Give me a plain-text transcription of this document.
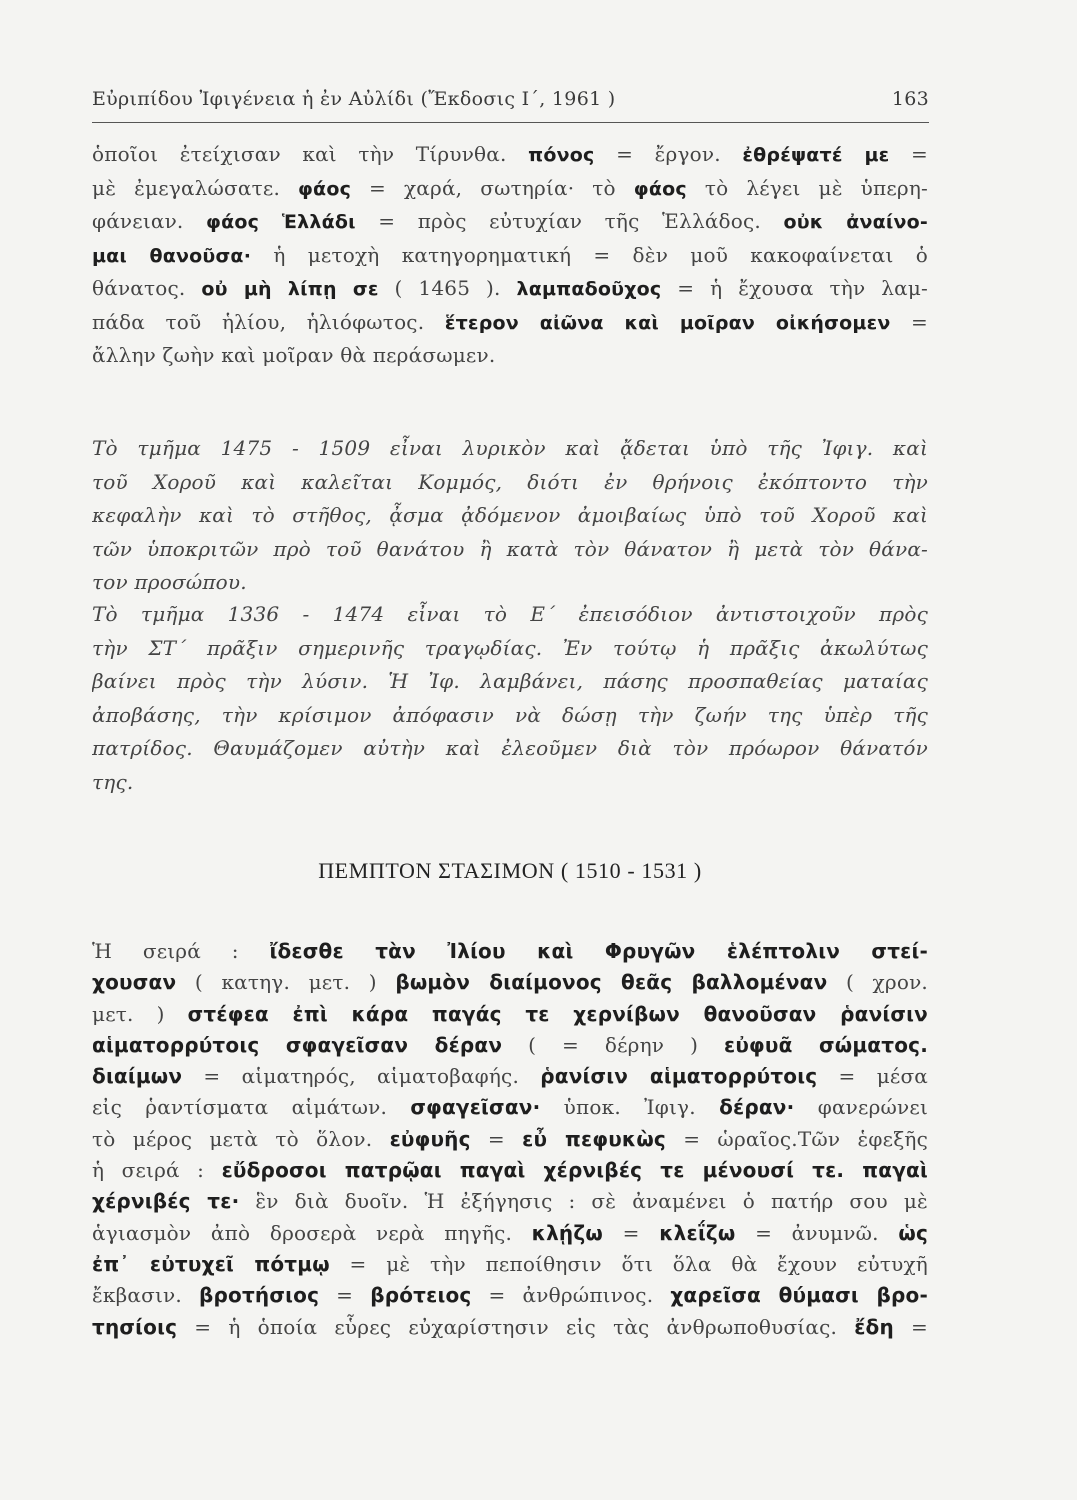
Εὐριπίδου Ἰφιγένεια ἡ ἐν Αὐλίδι (Ἔκδοσις Ι΄, 1961 )	163
ὁποῖοι ἐτείχισαν καὶ τὴν Τίρυνθα. πόνος = ἔργον. ἐθρέψατέ με =
μὲ ἐμεγαλώσατε. φάος = χαρά, σωτηρία· τὸ φάος τὸ λέγει μὲ ὑπερη-
φάνειαν. φάος Ἑλλάδι = πρὸς εὐτυχίαν τῆς Ἑλλάδος. οὐκ ἀναίνο-
μαι θανοῦσα· ἡ μετοχὴ κατηγορηματική = δὲν μοῦ κακοφαίνεται ὁ
θάνατος. οὐ μὴ λίπῃ σε ( 1465 ). λαμπαδοῦχος = ἡ ἔχουσα τὴν λαμ-
πάδα τοῦ ἡλίου, ἡλιόφωτος. ἕτερον αἰῶνα καὶ μοῖραν οἰκήσομεν =
ἄλλην ζωὴν καὶ μοῖραν θὰ περάσωμεν.
Τὸ τμῆμα 1475 - 1509 εἶναι λυρικὸν καὶ ᾄδεται ὑπὸ τῆς Ἰφιγ. καὶ
τοῦ Χοροῦ καὶ καλεῖται Κομμός, διότι ἐν θρήνοις ἐκόπτοντο τὴν
κεφαλὴν καὶ τὸ στῆθος, ᾆσμα ᾀδόμενον ἀμοιβαίως ὑπὸ τοῦ Χοροῦ καὶ
τῶν ὑποκριτῶν πρὸ τοῦ θανάτου ἢ κατὰ τὸν θάνατον ἢ μετὰ τὸν θάνα-
τον προσώπου.
Τὸ τμῆμα 1336 - 1474 εἶναι τὸ Ε΄ ἐπεισόδιον ἀντιστοιχοῦν πρὸς
τὴν ΣΤ΄ πρᾶξιν σημερινῆς τραγῳδίας. Ἐν τούτῳ ἡ πρᾶξις ἀκωλύτως
βαίνει πρὸς τὴν λύσιν. Ἡ Ἰφ. λαμβάνει, πάσης προσπαθείας ματαίας
ἀποβάσης, τὴν κρίσιμον ἀπόφασιν νὰ δώσῃ τὴν ζωήν της ὑπὲρ τῆς
πατρίδος. Θαυμάζομεν αὐτὴν καὶ ἐλεοῦμεν διὰ τὸν πρόωρον θάνατόν
της.
ΠΕΜΠΤΟΝ ΣΤΑΣΙΜΟΝ ( 1510 - 1531 )
Ἡ σειρά : ἴδεσθε τὰν Ἰλίου καὶ Φρυγῶν ἑλέπτολιν στεί-
χουσαν ( κατηγ. μετ. ) βωμὸν διαίμονος θεᾶς βαλλομέναν ( χρον.
μετ. ) στέφεα ἐπὶ κάρα παγάς τε χερνίβων θανοῦσαν ῥανίσιν
αἱματορρύτοις σφαγεῖσαν δέραν ( = δέρην ) εὐφυᾶ σώματος.
διαίμων = αἱματηρός, αἱματοβαφής. ῥανίσιν αἱματορρύτοις = μέσα
εἰς ῥαντίσματα αἱμάτων. σφαγεῖσαν· ὑποκ. Ἰφιγ. δέραν· φανερώνει
τὸ μέρος μετὰ τὸ ὅλον. εὐφυῆς = εὖ πεφυκὼς = ὡραῖος.Τῶν ἑφεξῆς
ἡ σειρά : εὔδροσοι πατρῷαι παγαὶ χέρνιβές τε μένουσί τε. παγαὶ
χέρνιβές τε· ἓν διὰ δυοῖν. Ἡ ἐξήγησις : σὲ ἀναμένει ὁ πατήρ σου μὲ
ἁγιασμὸν ἀπὸ δροσερὰ νερὰ πηγῆς. κλῄζω = κλεΐζω = ἀνυμνῶ. ὡς
ἐπ᾽ εὐτυχεῖ πότμῳ = μὲ τὴν πεποίθησιν ὅτι ὅλα θὰ ἔχουν εὐτυχῆ
ἔκβασιν. βροτήσιος = βρότειος = ἀνθρώπινος. χαρεῖσα θύμασι βρο-
τησίοις = ἡ ὁποία εὗρες εὐχαρίστησιν εἰς τὰς ἀνθρωποθυσίας. ἔδη =
